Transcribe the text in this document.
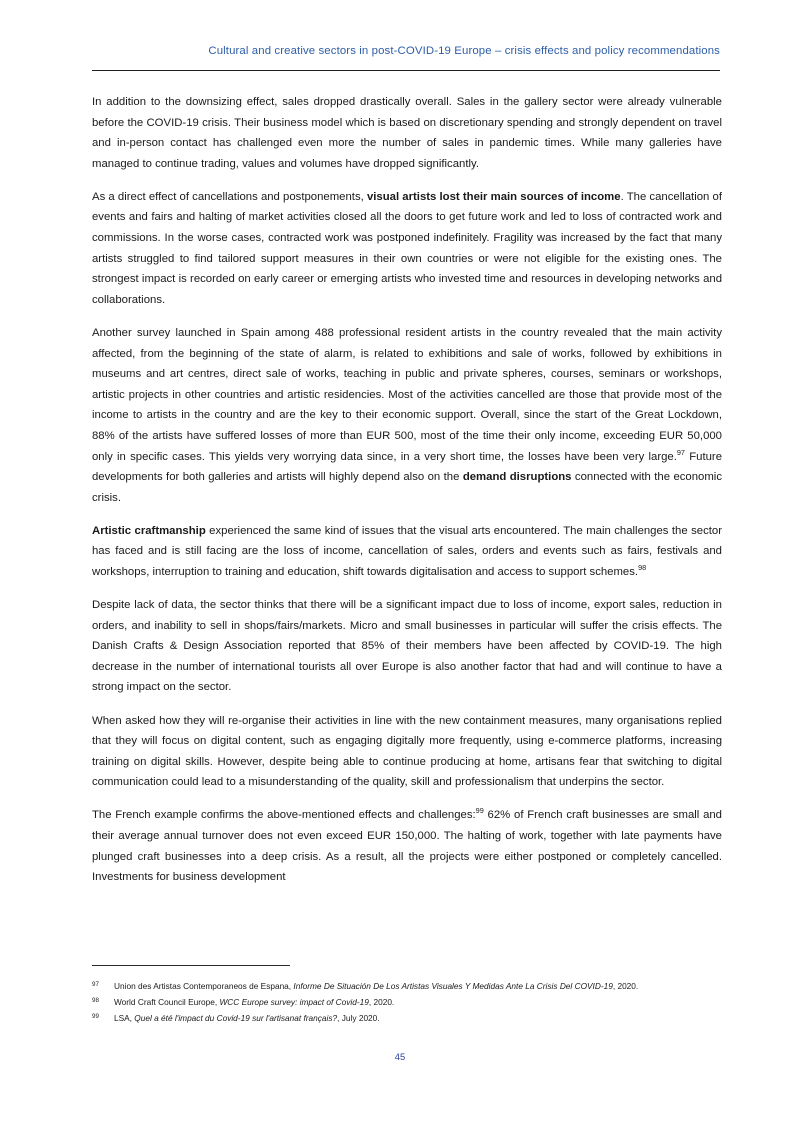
Cultural and creative sectors in post-COVID-19 Europe – crisis effects and policy recommendations

In addition to the downsizing effect, sales dropped drastically overall. Sales in the gallery sector were already vulnerable before the COVID-19 crisis. Their business model which is based on discretionary spending and strongly dependent on travel and in-person contact has challenged even more the number of sales in pandemic times. While many galleries have managed to continue trading, values and volumes have dropped significantly.

As a direct effect of cancellations and postponements, visual artists lost their main sources of income. The cancellation of events and fairs and halting of market activities closed all the doors to get future work and led to loss of contracted work and commissions. In the worse cases, contracted work was postponed indefinitely. Fragility was increased by the fact that many artists struggled to find tailored support measures in their own countries or were not eligible for the existing ones. The strongest impact is recorded on early career or emerging artists who invested time and resources in developing networks and collaborations.

Another survey launched in Spain among 488 professional resident artists in the country revealed that the main activity affected, from the beginning of the state of alarm, is related to exhibitions and sale of works, followed by exhibitions in museums and art centres, direct sale of works, teaching in public and private spheres, courses, seminars or workshops, artistic projects in other countries and artistic residencies. Most of the activities cancelled are those that provide most of the income to artists in the country and are the key to their economic support. Overall, since the start of the Great Lockdown, 88% of the artists have suffered losses of more than EUR 500, most of the time their only income, exceeding EUR 50,000 only in specific cases. This yields very worrying data since, in a very short time, the losses have been very large.$^{97}$ Future developments for both galleries and artists will highly depend also on the demand disruptions connected with the economic crisis.

Artistic craftmanship experienced the same kind of issues that the visual arts encountered. The main challenges the sector has faced and is still facing are the loss of income, cancellation of sales, orders and events such as fairs, festivals and workshops, interruption to training and education, shift towards digitalisation and access to support schemes.$^{98}$

Despite lack of data, the sector thinks that there will be a significant impact due to loss of income, export sales, reduction in orders, and inability to sell in shops/fairs/markets. Micro and small businesses in particular will suffer the crisis effects. The Danish Crafts & Design Association reported that 85% of their members have been affected by COVID-19. The high decrease in the number of international tourists all over Europe is also another factor that had and will continue to have a strong impact on the sector.

When asked how they will re-organise their activities in line with the new containment measures, many organisations replied that they will focus on digital content, such as engaging digitally more frequently, using e-commerce platforms, increasing training on digital skills. However, despite being able to continue producing at home, artisans fear that switching to digital communication could lead to a misunderstanding of the quality, skill and professionalism that underpins the sector.

The French example confirms the above-mentioned effects and challenges:$^{99}$ 62% of French craft businesses are small and their average annual turnover does not even exceed EUR 150,000. The halting of work, together with late payments have plunged craft businesses into a deep crisis. As a result, all the projects were either postponed or completely cancelled. Investments for business development

97	Union des Artistas Contemporaneos de Espana, Informe De Situación De Los Artistas Visuales Y Medidas Ante La Crisis Del COVID-19, 2020.
98	World Craft Council Europe, WCC Europe survey: impact of Covid-19, 2020.
99	LSA, Quel a été l'impact du Covid-19 sur l'artisanat français?, July 2020.
45
